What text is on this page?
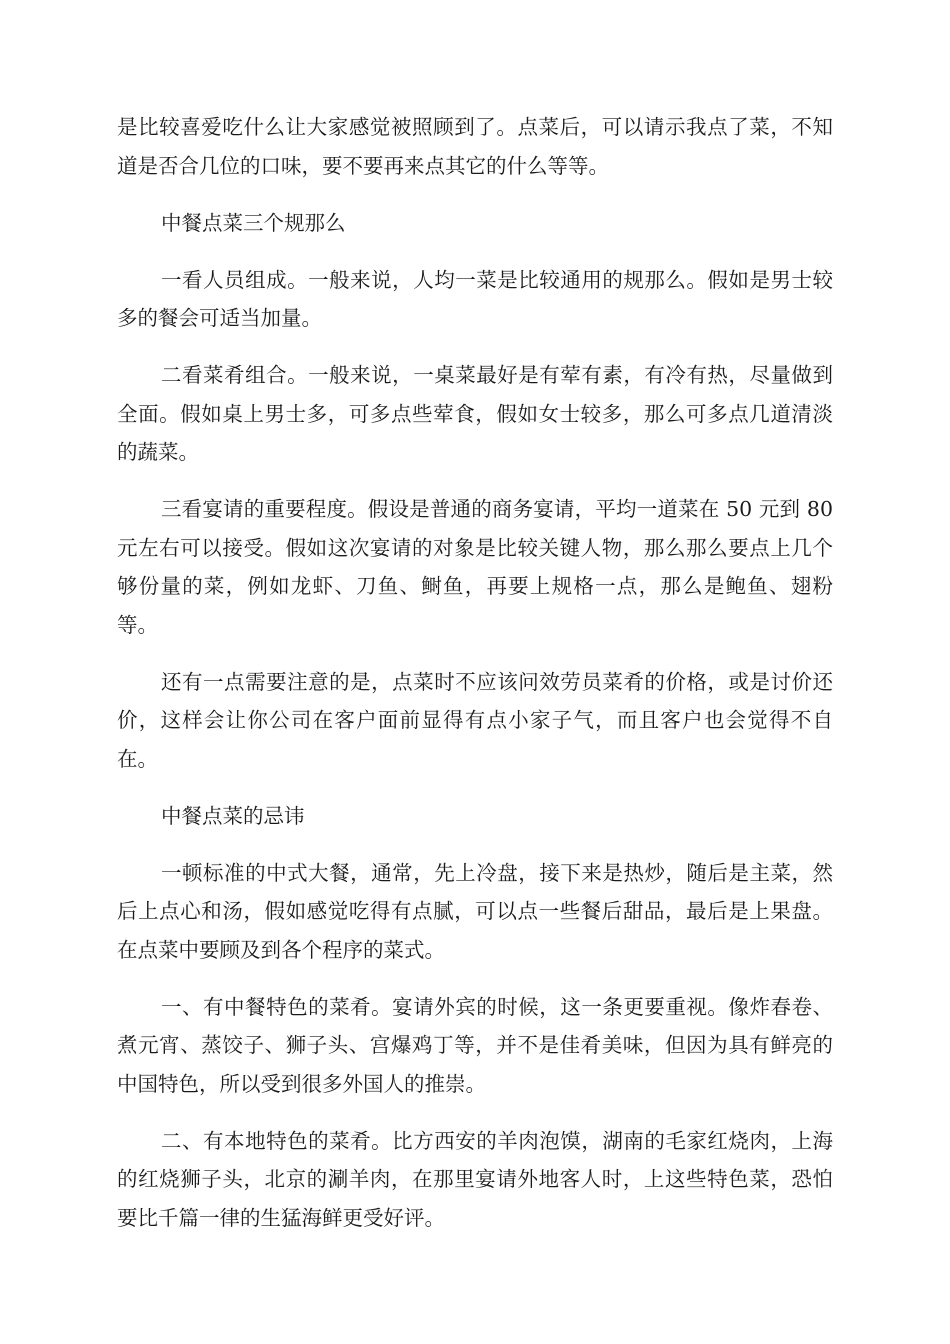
是比较喜爱吃什么让大家感觉被照顾到了。点菜后，可以请示我点了菜，不知道是否合几位的口味，要不要再来点其它的什么等等。

中餐点菜三个规那么

一看人员组成。一般来说，人均一菜是比较通用的规那么。假如是男士较多的餐会可适当加量。

二看菜肴组合。一般来说，一桌菜最好是有荤有素，有冷有热，尽量做到全面。假如桌上男士多，可多点些荤食，假如女士较多，那么可多点几道清淡的蔬菜。

三看宴请的重要程度。假设是普通的商务宴请，平均一道菜在 50 元到 80 元左右可以接受。假如这次宴请的对象是比较关键人物，那么那么要点上几个够份量的菜，例如龙虾、刀鱼、鲥鱼，再要上规格一点，那么是鲍鱼、翅粉等。

还有一点需要注意的是，点菜时不应该问效劳员菜肴的价格，或是讨价还价，这样会让你公司在客户面前显得有点小家子气，而且客户也会觉得不自在。

中餐点菜的忌讳

一顿标准的中式大餐，通常，先上冷盘，接下来是热炒，随后是主菜，然后上点心和汤，假如感觉吃得有点腻，可以点一些餐后甜品，最后是上果盘。在点菜中要顾及到各个程序的菜式。

一、有中餐特色的菜肴。宴请外宾的时候，这一条更要重视。像炸春卷、煮元宵、蒸饺子、狮子头、宫爆鸡丁等，并不是佳肴美味，但因为具有鲜亮的中国特色，所以受到很多外国人的推崇。

二、有本地特色的菜肴。比方西安的羊肉泡馍，湖南的毛家红烧肉，上海的红烧狮子头，北京的涮羊肉，在那里宴请外地客人时，上这些特色菜，恐怕要比千篇一律的生猛海鲜更受好评。
